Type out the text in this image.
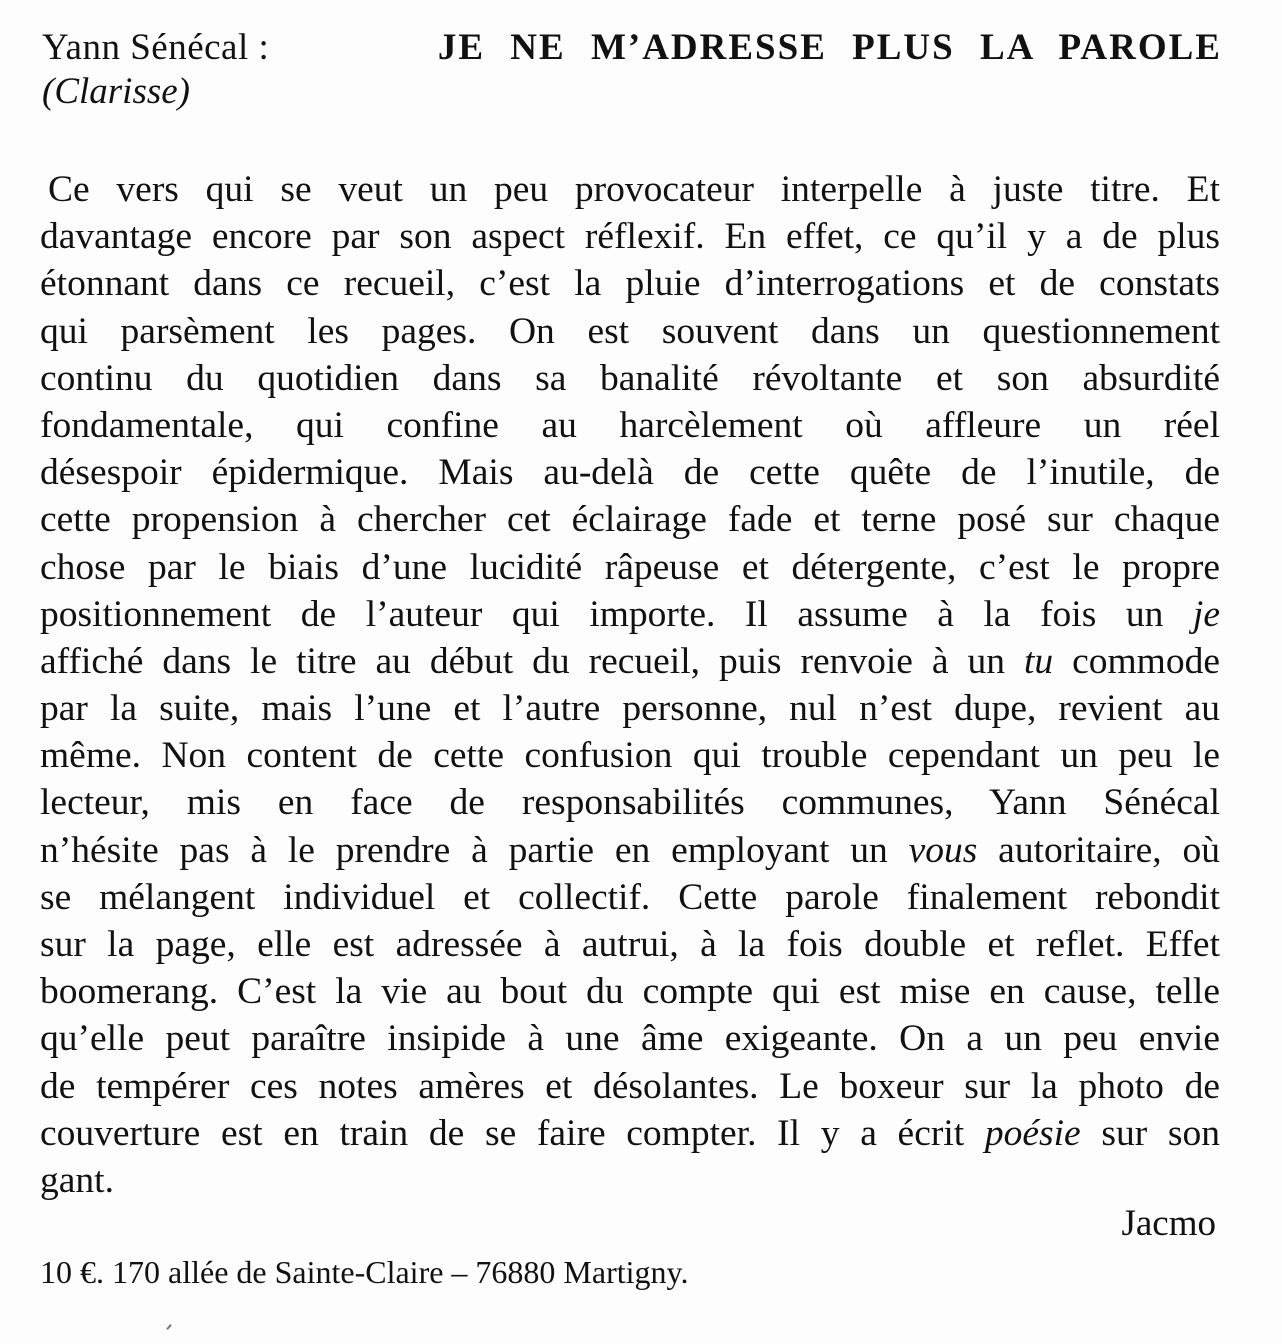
Yann Sénécal :	JE NE M’ADRESSE PLUS LA PAROLE
(Clarisse)
Ce vers qui se veut un peu provocateur interpelle à juste titre. Et
davantage encore par son aspect réflexif. En effet, ce qu’il y a de plus
étonnant dans ce recueil, c’est la pluie d’interrogations et de constats
qui parsèment les pages. On est souvent dans un questionnement
continu du quotidien dans sa banalité révoltante et son absurdité
fondamentale, qui confine au harcèlement où affleure un réel
désespoir épidermique. Mais au-delà de cette quête de l’inutile, de
cette propension à chercher cet éclairage fade et terne posé sur chaque
chose par le biais d’une lucidité râpeuse et détergente, c’est le propre
positionnement de l’auteur qui importe. Il assume à la fois un je
affiché dans le titre au début du recueil, puis renvoie à un tu commode
par la suite, mais l’une et l’autre personne, nul n’est dupe, revient au
même. Non content de cette confusion qui trouble cependant un peu le
lecteur, mis en face de responsabilités communes, Yann Sénécal
n’hésite pas à le prendre à partie en employant un vous autoritaire, où
se mélangent individuel et collectif. Cette parole finalement rebondit
sur la page, elle est adressée à autrui, à la fois double et reflet. Effet
boomerang. C’est la vie au bout du compte qui est mise en cause, telle
qu’elle peut paraître insipide à une âme exigeante. On a un peu envie
de tempérer ces notes amères et désolantes. Le boxeur sur la photo de
couverture est en train de se faire compter. Il y a écrit poésie sur son
gant.
Jacmo
10 €. 170 allée de Sainte-Claire – 76880 Martigny.
